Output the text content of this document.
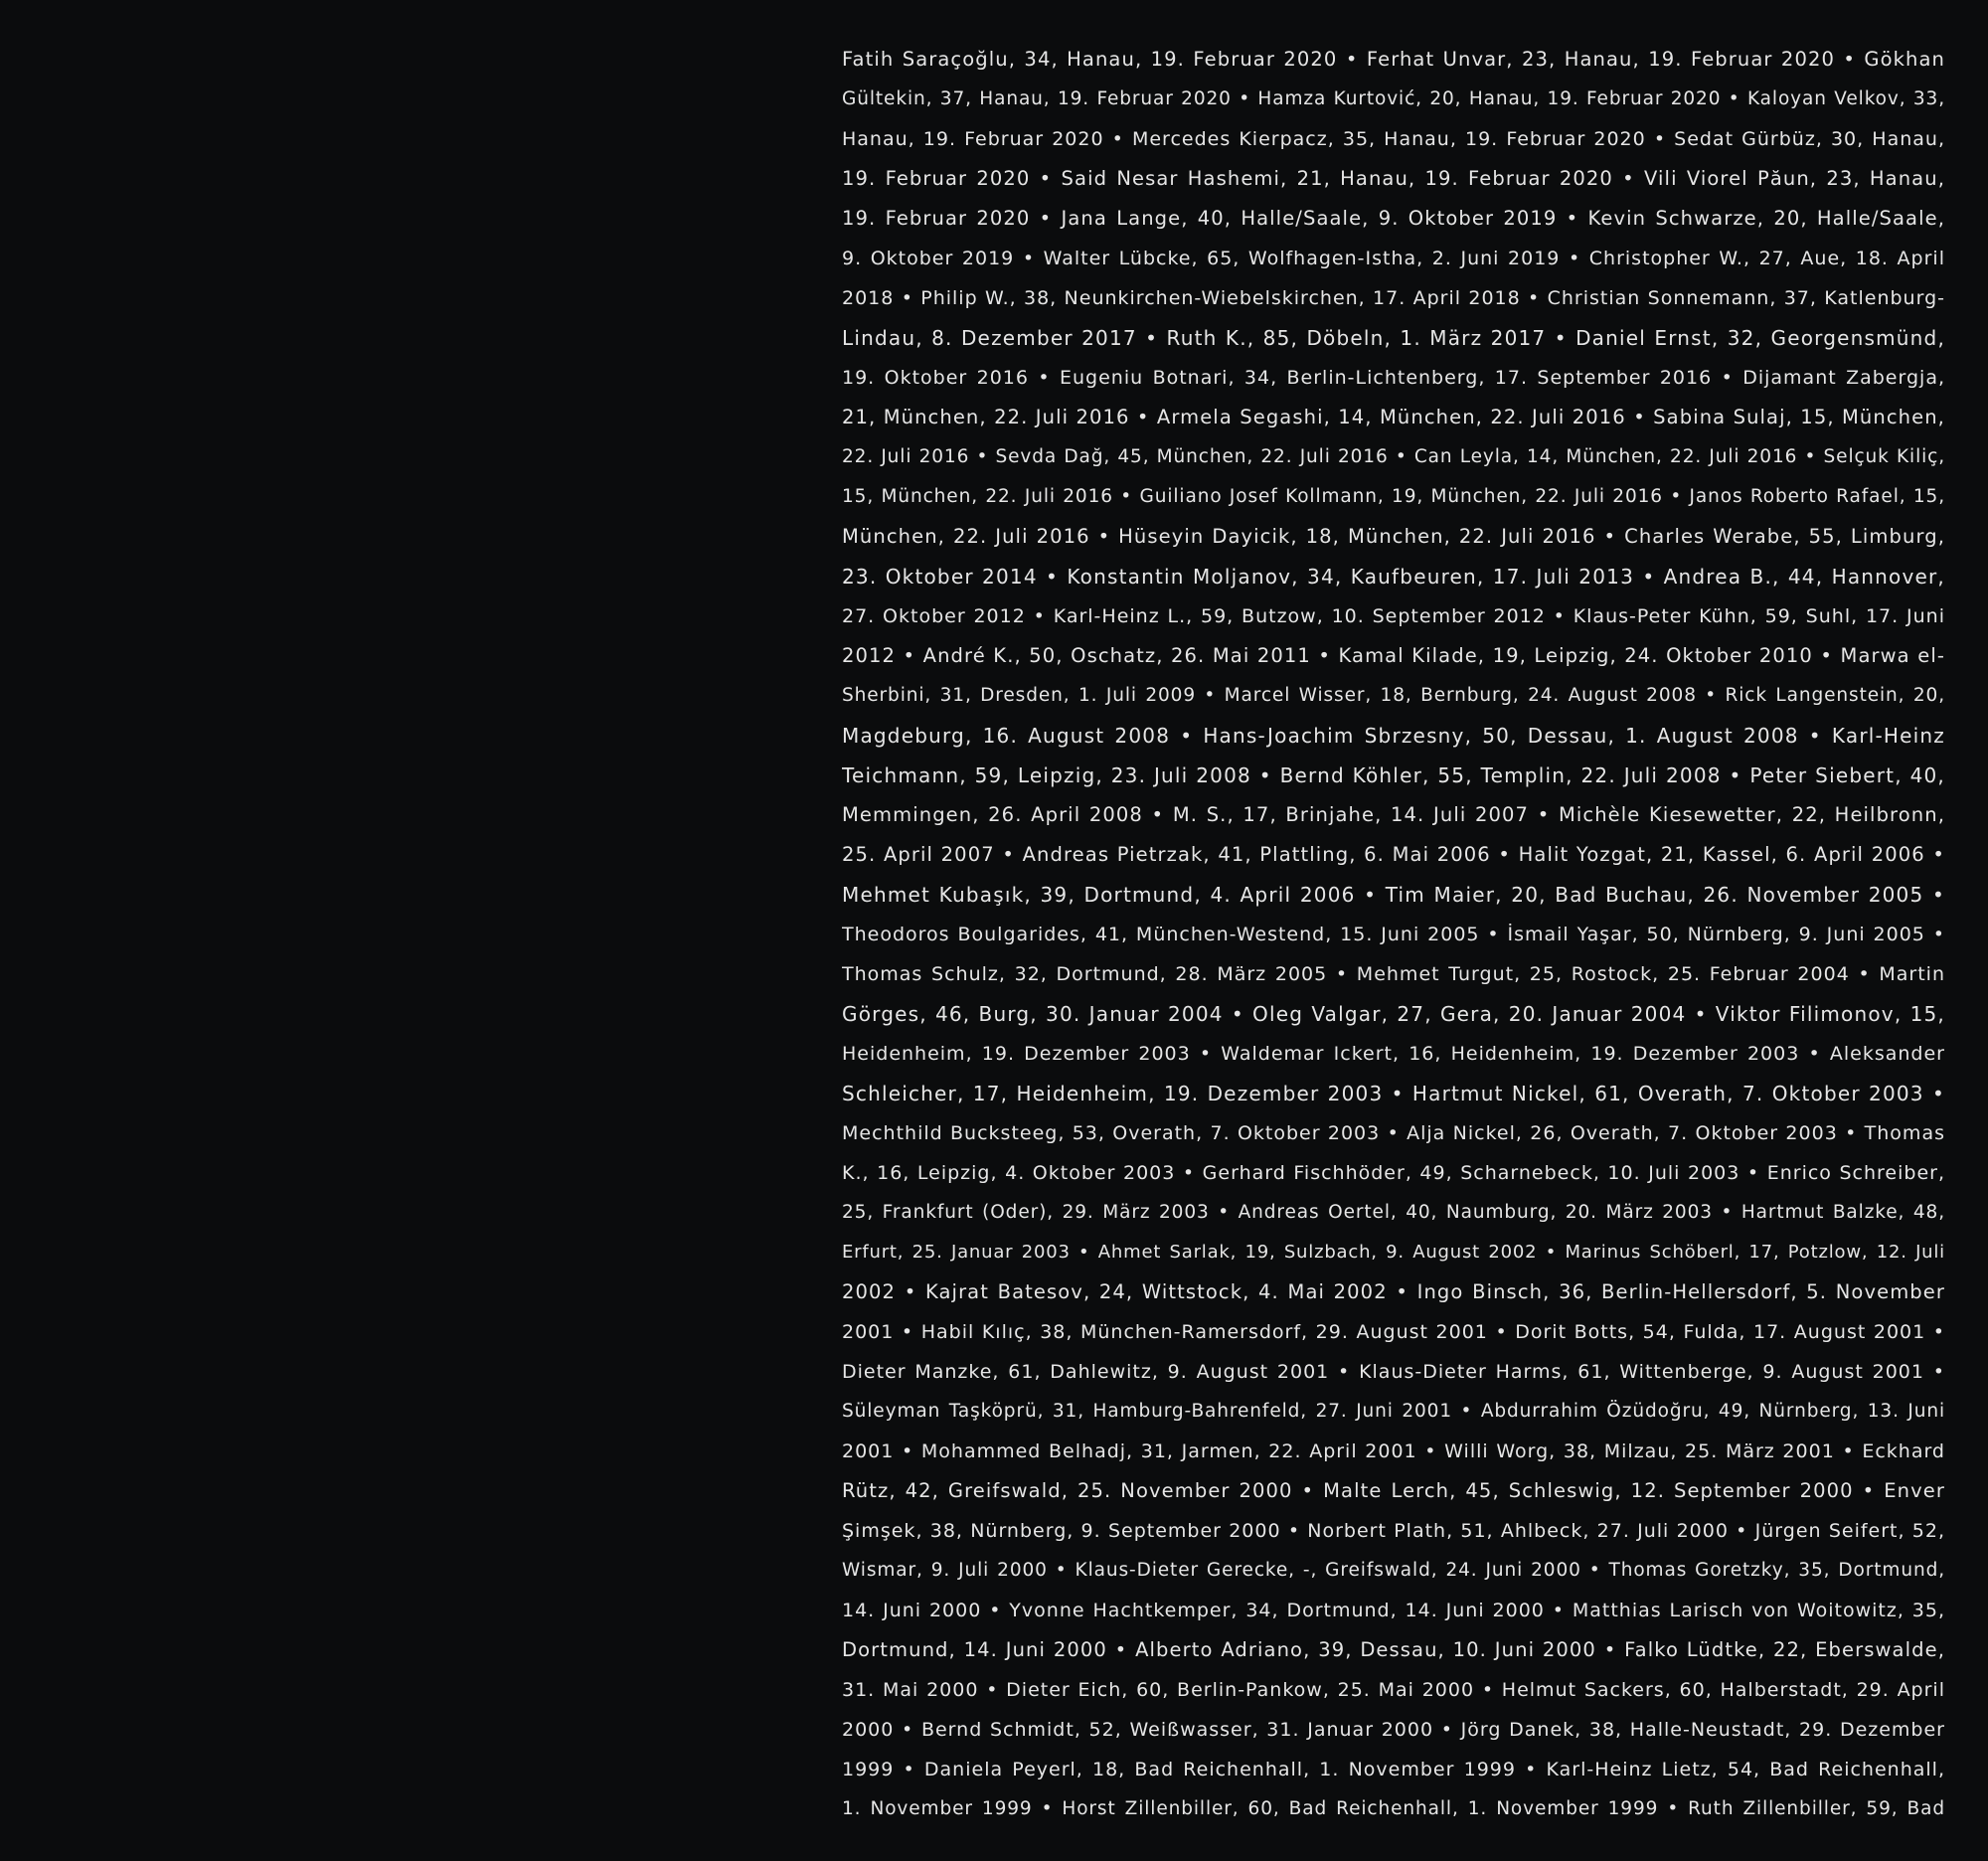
Fatih Saraçoğlu, 34, Hanau, 19. Februar 2020 • Ferhat Unvar, 23, Hanau, 19. Februar 2020 • Gökhan
Gültekin, 37, Hanau, 19. Februar 2020 • Hamza Kurtović, 20, Hanau, 19. Februar 2020 • Kaloyan Velkov, 33,
Hanau, 19. Februar 2020 • Mercedes Kierpacz, 35, Hanau, 19. Februar 2020 • Sedat Gürbüz, 30, Hanau,
19. Februar 2020 • Said Nesar Hashemi, 21, Hanau, 19. Februar 2020 • Vili Viorel Păun, 23, Hanau,
19. Februar 2020 • Jana Lange, 40, Halle/Saale, 9. Oktober 2019 • Kevin Schwarze, 20, Halle/Saale,
9. Oktober 2019 • Walter Lübcke, 65, Wolfhagen-Istha, 2. Juni 2019 • Christopher W., 27, Aue, 18. April
2018 • Philip W., 38, Neunkirchen-Wiebelskirchen, 17. April 2018 • Christian Sonnemann, 37, Katlenburg-
Lindau, 8. Dezember 2017 • Ruth K., 85, Döbeln, 1. März 2017 • Daniel Ernst, 32, Georgensmünd,
19. Oktober 2016 • Eugeniu Botnari, 34, Berlin-Lichtenberg, 17. September 2016 • Dijamant Zabergja,
21, München, 22. Juli 2016 • Armela Segashi, 14, München, 22. Juli 2016 • Sabina Sulaj, 15, München,
22. Juli 2016 • Sevda Dağ, 45, München, 22. Juli 2016 • Can Leyla, 14, München, 22. Juli 2016 • Selçuk Kiliç,
15, München, 22. Juli 2016 • Guiliano Josef Kollmann, 19, München, 22. Juli 2016 • Janos Roberto Rafael, 15,
München, 22. Juli 2016 • Hüseyin Dayicik, 18, München, 22. Juli 2016 • Charles Werabe, 55, Limburg,
23. Oktober 2014 • Konstantin Moljanov, 34, Kaufbeuren, 17. Juli 2013 • Andrea B., 44, Hannover,
27. Oktober 2012 • Karl-Heinz L., 59, Butzow, 10. September 2012 • Klaus-Peter Kühn, 59, Suhl, 17. Juni
2012 • André K., 50, Oschatz, 26. Mai 2011 • Kamal Kilade, 19, Leipzig, 24. Oktober 2010 • Marwa el-
Sherbini, 31, Dresden, 1. Juli 2009 • Marcel Wisser, 18, Bernburg, 24. August 2008 • Rick Langenstein, 20,
Magdeburg, 16. August 2008 • Hans-Joachim Sbrzesny, 50, Dessau, 1. August 2008 • Karl-Heinz
Teichmann, 59, Leipzig, 23. Juli 2008 • Bernd Köhler, 55, Templin, 22. Juli 2008 • Peter Siebert, 40,
Memmingen, 26. April 2008 • M. S., 17, Brinjahe, 14. Juli 2007 • Michèle Kiesewetter, 22, Heilbronn,
25. April 2007 • Andreas Pietrzak, 41, Plattling, 6. Mai 2006 • Halit Yozgat, 21, Kassel, 6. April 2006 •
Mehmet Kubaşık, 39, Dortmund, 4. April 2006 • Tim Maier, 20, Bad Buchau, 26. November 2005 •
Theodoros Boulgarides, 41, München-Westend, 15. Juni 2005 • İsmail Yaşar, 50, Nürnberg, 9. Juni 2005 •
Thomas Schulz, 32, Dortmund, 28. März 2005 • Mehmet Turgut, 25, Rostock, 25. Februar 2004 • Martin
Görges, 46, Burg, 30. Januar 2004 • Oleg Valgar, 27, Gera, 20. Januar 2004 • Viktor Filimonov, 15,
Heidenheim, 19. Dezember 2003 • Waldemar Ickert, 16, Heidenheim, 19. Dezember 2003 • Aleksander
Schleicher, 17, Heidenheim, 19. Dezember 2003 • Hartmut Nickel, 61, Overath, 7. Oktober 2003 •
Mechthild Bucksteeg, 53, Overath, 7. Oktober 2003 • Alja Nickel, 26, Overath, 7. Oktober 2003 • Thomas
K., 16, Leipzig, 4. Oktober 2003 • Gerhard Fischhöder, 49, Scharnebeck, 10. Juli 2003 • Enrico Schreiber,
25, Frankfurt (Oder), 29. März 2003 • Andreas Oertel, 40, Naumburg, 20. März 2003 • Hartmut Balzke, 48,
Erfurt, 25. Januar 2003 • Ahmet Sarlak, 19, Sulzbach, 9. August 2002 • Marinus Schöberl, 17, Potzlow, 12. Juli
2002 • Kajrat Batesov, 24, Wittstock, 4. Mai 2002 • Ingo Binsch, 36, Berlin-Hellersdorf, 5. November
2001 • Habil Kılıç, 38, München-Ramersdorf, 29. August 2001 • Dorit Botts, 54, Fulda, 17. August 2001 •
Dieter Manzke, 61, Dahlewitz, 9. August 2001 • Klaus-Dieter Harms, 61, Wittenberge, 9. August 2001 •
Süleyman Taşköprü, 31, Hamburg-Bahrenfeld, 27. Juni 2001 • Abdurrahim Özüdoğru, 49, Nürnberg, 13. Juni
2001 • Mohammed Belhadj, 31, Jarmen, 22. April 2001 • Willi Worg, 38, Milzau, 25. März 2001 • Eckhard
Rütz, 42, Greifswald, 25. November 2000 • Malte Lerch, 45, Schleswig, 12. September 2000 • Enver
Şimşek, 38, Nürnberg, 9. September 2000 • Norbert Plath, 51, Ahlbeck, 27. Juli 2000 • Jürgen Seifert, 52,
Wismar, 9. Juli 2000 • Klaus-Dieter Gerecke, -, Greifswald, 24. Juni 2000 • Thomas Goretzky, 35, Dortmund,
14. Juni 2000 • Yvonne Hachtkemper, 34, Dortmund, 14. Juni 2000 • Matthias Larisch von Woitowitz, 35,
Dortmund, 14. Juni 2000 • Alberto Adriano, 39, Dessau, 10. Juni 2000 • Falko Lüdtke, 22, Eberswalde,
31. Mai 2000 • Dieter Eich, 60, Berlin-Pankow, 25. Mai 2000 • Helmut Sackers, 60, Halberstadt, 29. April
2000 • Bernd Schmidt, 52, Weißwasser, 31. Januar 2000 • Jörg Danek, 38, Halle-Neustadt, 29. Dezember
1999 • Daniela Peyerl, 18, Bad Reichenhall, 1. November 1999 • Karl-Heinz Lietz, 54, Bad Reichenhall,
1. November 1999 • Horst Zillenbiller, 60, Bad Reichenhall, 1. November 1999 • Ruth Zillenbiller, 59, Bad
